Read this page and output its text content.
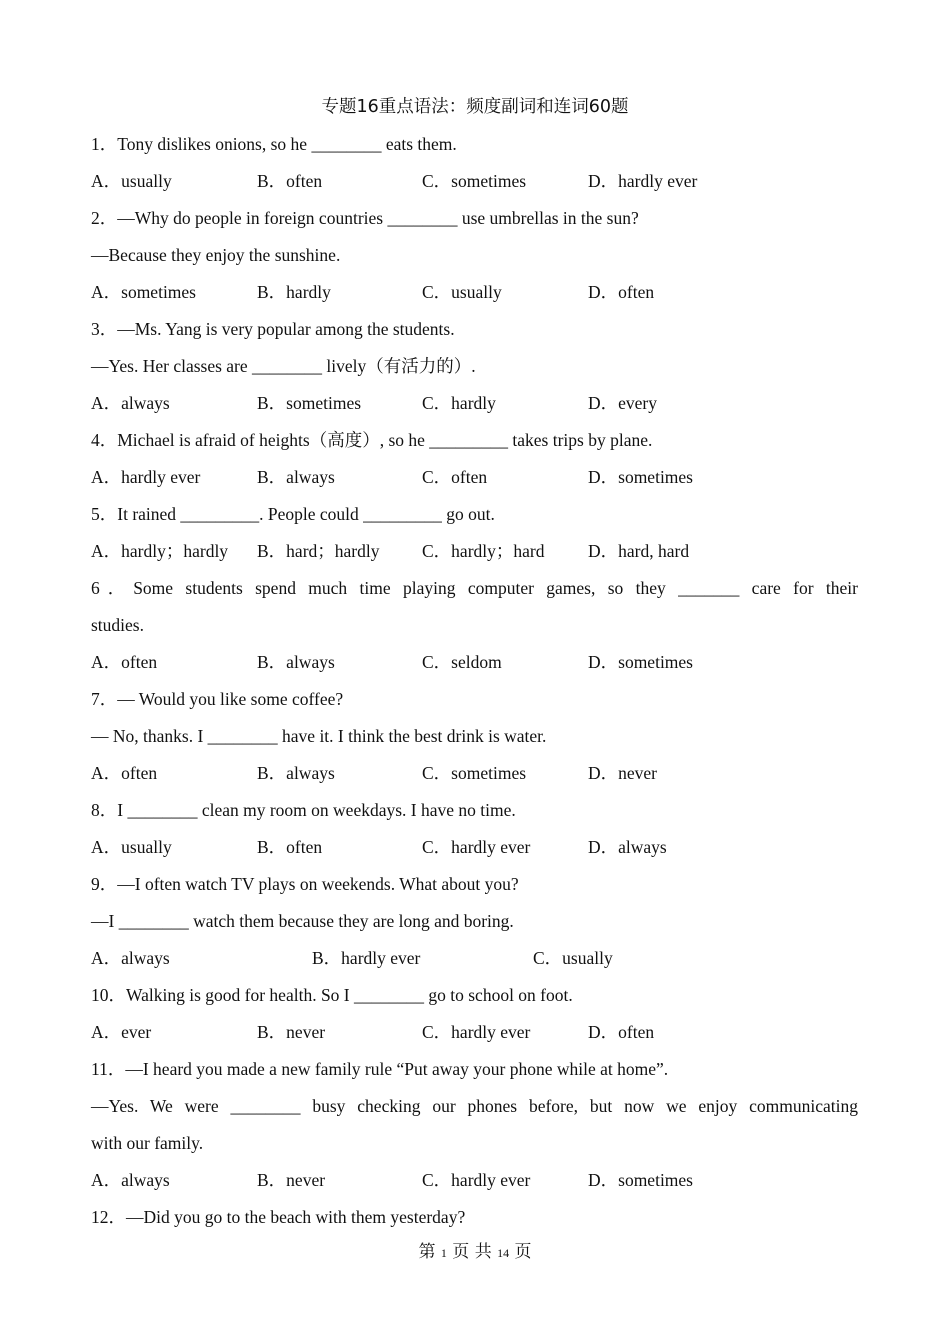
专题16重点语法：频度副词和连词60题
1．Tony dislikes onions, so he ________ eats them.
A．usually	B．often	C．sometimes	D．hardly ever
2．—Why do people in foreign countries ________ use umbrellas in the sun?
—Because they enjoy the sunshine.
A．sometimes	B．hardly	C．usually	D．often
3．—Ms. Yang is very popular among the students.
—Yes. Her classes are ________ lively（有活力的）.
A．always	B．sometimes	C．hardly	D．every
4．Michael is afraid of heights（高度）, so he _________ takes trips by plane.
A．hardly ever	B．always	C．often	D．sometimes
5．It rained _________. People could _________ go out.
A．hardly；hardly B．hard；hardly C．hardly；hard D．hard, hard
6．Some students spend much time playing computer games, so they _______ care for their
studies.
A．often	B．always	C．seldom	D．sometimes
7．— Would you like some coffee?
— No, thanks. I ________ have it. I think the best drink is water.
A．often	B．always	C．sometimes	D．never
8．I ________ clean my room on weekdays. I have no time.
A．usually	B．often	C．hardly ever	D．always
9．—I often watch TV plays on weekends. What about you?
—I ________ watch them because they are long and boring.
A．always	B．hardly ever	C．usually
10．Walking is good for health. So I ________ go to school on foot.
A．ever	B．never	C．hardly ever	D．often
11．—I heard you made a new family rule “Put away your phone while at home”.
—Yes. We were ________ busy checking our phones before, but now we enjoy communicating
with our family.
A．always	B．never	C．hardly ever	D．sometimes
12．—Did you go to the beach with them yesterday?
第 1 页 共 14 页
